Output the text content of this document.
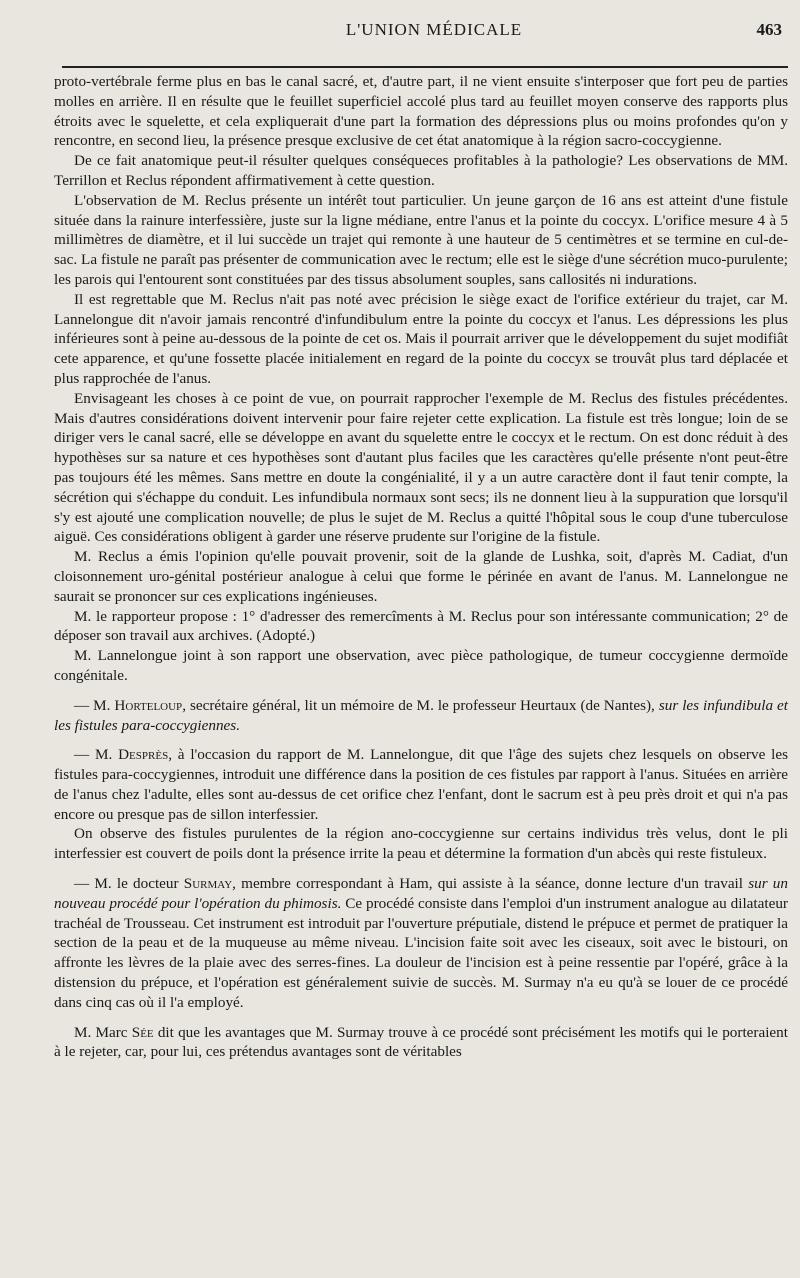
L'UNION MÉDICALE	463

proto-vertébrale ferme plus en bas le canal sacré, et, d'autre part, il ne vient ensuite s'interposer que fort peu de parties molles en arrière. Il en résulte que le feuillet superficiel accolé plus tard au feuillet moyen conserve des rapports plus étroits avec le squelette, et cela expliquerait d'une part la formation des dépressions plus ou moins profondes qu'on y rencontre, en second lieu, la présence presque exclusive de cet état anatomique à la région sacro-coccygienne.

De ce fait anatomique peut-il résulter quelques conséqueces profitables à la pathologie? Les observations de MM. Terrillon et Reclus répondent affirmativement à cette question.

L'observation de M. Reclus présente un intérêt tout particulier. Un jeune garçon de 16 ans est atteint d'une fistule située dans la rainure interfessière, juste sur la ligne médiane, entre l'anus et la pointe du coccyx. L'orifice mesure 4 à 5 millimètres de diamètre, et il lui succède un trajet qui remonte à une hauteur de 5 centimètres et se termine en cul-de-sac. La fistule ne paraît pas présenter de communication avec le rectum; elle est le siège d'une sécrétion muco-purulente; les parois qui l'entourent sont constituées par des tissus absolument souples, sans callosités ni indurations.

Il est regrettable que M. Reclus n'ait pas noté avec précision le siège exact de l'orifice extérieur du trajet, car M. Lannelongue dit n'avoir jamais rencontré d'infundibulum entre la pointe du coccyx et l'anus. Les dépressions les plus inférieures sont à peine au-dessous de la pointe de cet os. Mais il pourrait arriver que le développement du sujet modifiât cete apparence, et qu'une fossette placée initialement en regard de la pointe du coccyx se trouvât plus tard déplacée et plus rapprochée de l'anus.

Envisageant les choses à ce point de vue, on pourrait rapprocher l'exemple de M. Reclus des fistules précédentes. Mais d'autres considérations doivent intervenir pour faire rejeter cette explication. La fistule est très longue; loin de se diriger vers le canal sacré, elle se développe en avant du squelette entre le coccyx et le rectum. On est donc réduit à des hypothèses sur sa nature et ces hypothèses sont d'autant plus faciles que les caractères qu'elle présente n'ont peut-être pas toujours été les mêmes. Sans mettre en doute la congénialité, il y a un autre caractère dont il faut tenir compte, la sécrétion qui s'échappe du conduit. Les infundibula normaux sont secs; ils ne donnent lieu à la suppuration que lorsqu'il s'y est ajouté une complication nouvelle; de plus le sujet de M. Reclus a quitté l'hôpital sous le coup d'une tuberculose aiguë. Ces considérations obligent à garder une réserve prudente sur l'origine de la fistule.

M. Reclus a émis l'opinion qu'elle pouvait provenir, soit de la glande de Lushka, soit, d'après M. Cadiat, d'un cloisonnement uro-génital postérieur analogue à celui que forme le périnée en avant de l'anus. M. Lannelongue ne saurait se prononcer sur ces explications ingénieuses.

M. le rapporteur propose : 1° d'adresser des remercîments à M. Reclus pour son intéressante communication; 2° de déposer son travail aux archives. (Adopté.)

M. Lannelongue joint à son rapport une observation, avec pièce pathologique, de tumeur coccygienne dermoïde congénitale.

— M. Horteloup, secrétaire général, lit un mémoire de M. le professeur Heurtaux (de Nantes), sur les infundibula et les fistules para-coccygiennes.

— M. Desprès, à l'occasion du rapport de M. Lannelongue, dit que l'âge des sujets chez lesquels on observe les fistules para-coccygiennes, introduit une différence dans la position de ces fistules par rapport à l'anus. Situées en arrière de l'anus chez l'adulte, elles sont au-dessus de cet orifice chez l'enfant, dont le sacrum est à peu près droit et qui n'a pas encore ou presque pas de sillon interfessier.

On observe des fistules purulentes de la région ano-coccygienne sur certains individus très velus, dont le pli interfessier est couvert de poils dont la présence irrite la peau et détermine la formation d'un abcès qui reste fistuleux.

— M. le docteur Surmay, membre correspondant à Ham, qui assiste à la séance, donne lecture d'un travail sur un nouveau procédé pour l'opération du phimosis. Ce procédé consiste dans l'emploi d'un instrument analogue au dilatateur trachéal de Trousseau. Cet instrument est introduit par l'ouverture préputiale, distend le prépuce et permet de pratiquer la section de la peau et de la muqueuse au même niveau. L'incision faite soit avec les ciseaux, soit avec le bistouri, on affronte les lèvres de la plaie avec des serres-fines. La douleur de l'incision est à peine ressentie par l'opéré, grâce à la distension du prépuce, et l'opération est généralement suivie de succès. M. Surmay n'a eu qu'à se louer de ce procédé dans cinq cas où il l'a employé.

M. Marc Sée dit que les avantages que M. Surmay trouve à ce procédé sont précisément les motifs qui le porteraient à le rejeter, car, pour lui, ces prétendus avantages sont de véritables
